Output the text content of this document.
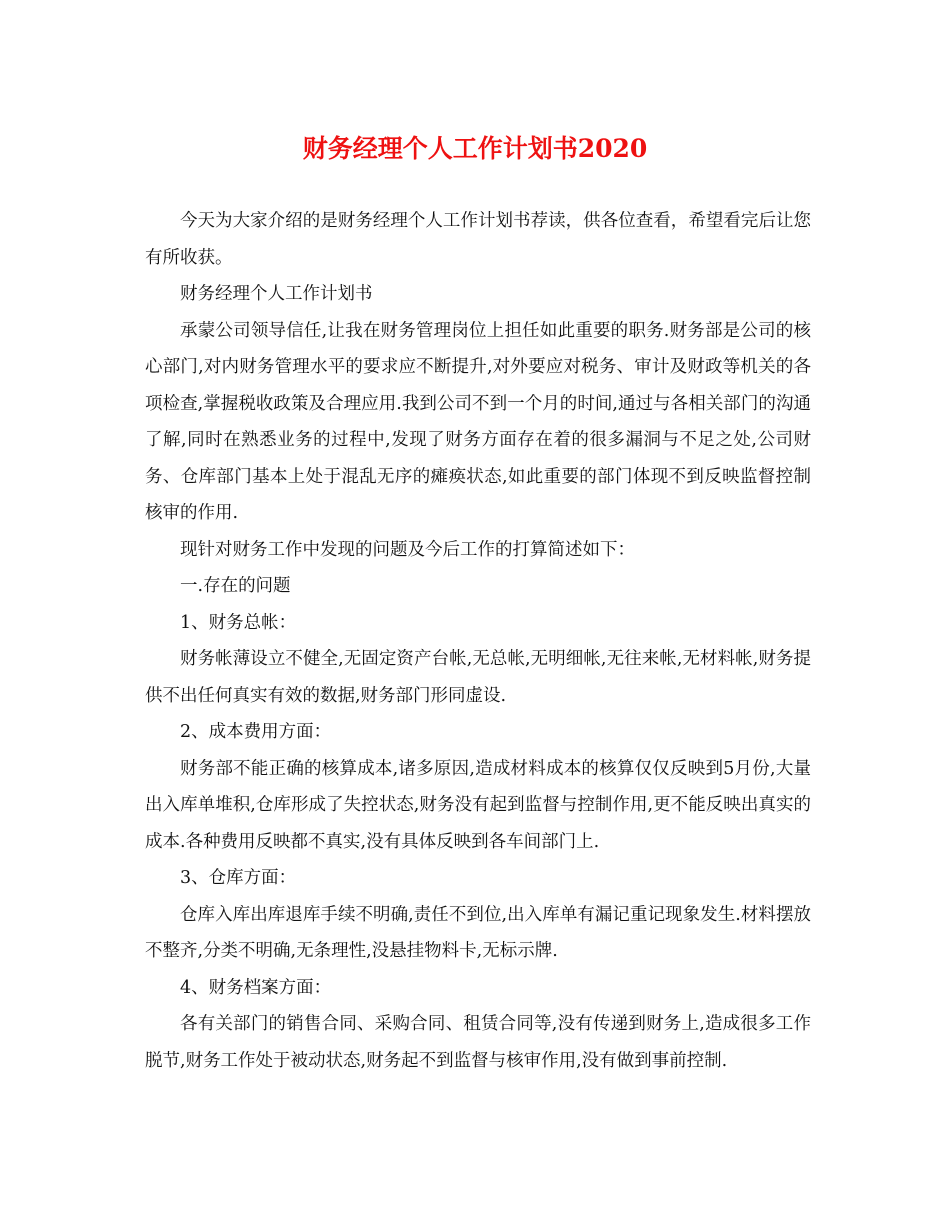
财务经理个人工作计划书2020

今天为大家介绍的是财务经理个人工作计划书荐读，供各位查看，希望看完后让您有所收获。

财务经理个人工作计划书

承蒙公司领导信任,让我在财务管理岗位上担任如此重要的职务.财务部是公司的核心部门,对内财务管理水平的要求应不断提升,对外要应对税务、审计及财政等机关的各项检查,掌握税收政策及合理应用.我到公司不到一个月的时间,通过与各相关部门的沟通了解,同时在熟悉业务的过程中,发现了财务方面存在着的很多漏洞与不足之处,公司财务、仓库部门基本上处于混乱无序的瘫痪状态,如此重要的部门体现不到反映监督控制核审的作用.

现针对财务工作中发现的问题及今后工作的打算简述如下：

一.存在的问题

1、财务总帐：

财务帐薄设立不健全,无固定资产台帐,无总帐,无明细帐,无往来帐,无材料帐,财务提供不出任何真实有效的数据,财务部门形同虚设.

2、成本费用方面：

财务部不能正确的核算成本,诸多原因,造成材料成本的核算仅仅反映到5月份,大量出入库单堆积,仓库形成了失控状态,财务没有起到监督与控制作用,更不能反映出真实的成本.各种费用反映都不真实,没有具体反映到各车间部门上.

3、仓库方面：

仓库入库出库退库手续不明确,责任不到位,出入库单有漏记重记现象发生.材料摆放不整齐,分类不明确,无条理性,没悬挂物料卡,无标示牌.

4、财务档案方面：

各有关部门的销售合同、采购合同、租赁合同等,没有传递到财务上,造成很多工作脱节,财务工作处于被动状态,财务起不到监督与核审作用,没有做到事前控制.
